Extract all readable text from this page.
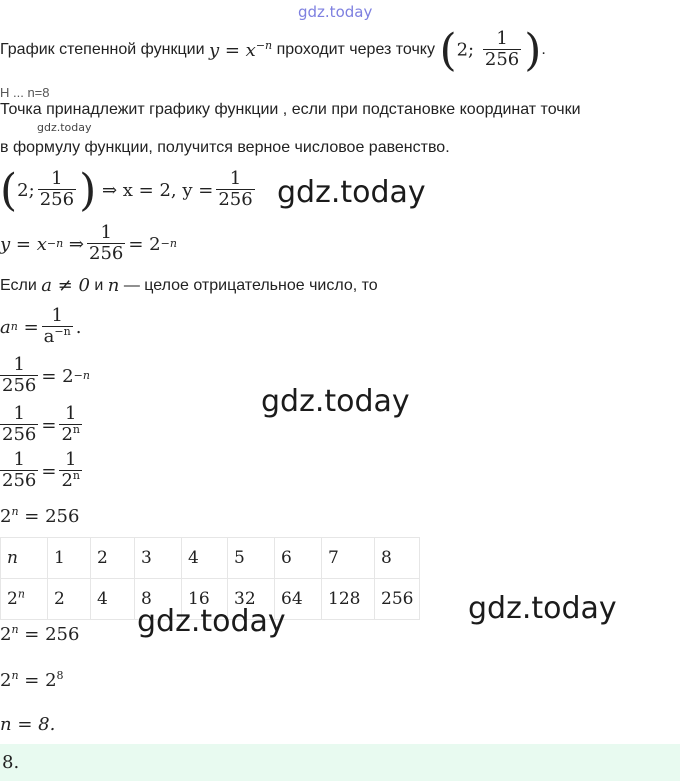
gdz.today
График степенной функции
$y = x^{-n}$
проходит через точку
(2; $\frac{1}{256}$ ) .
Н ... n=8
Точка принадлежит графику функции , если при подстановке координат точки
gdz.today
в формулу функции, получится верное числовое равенство.
( 2; $\frac{1}{256}$ )
⇒ x = 2, $y = \frac{1}{256}$ gdz.today
y = x −n
⇒ $\frac{1}{256} = 2 -n$
Если
a ≠ 0
и
n
— целое отрицательное число, то
a n
= $\frac{1}{a^{-n}}$ .
$\frac{1}{256} = 2 -n$
gdz.today
$\frac{1}{256} = \frac{1}{2^n}$
$\frac{1}{256} = \frac{1}{2^n}$
$2^n = 256$
n	1	2	3	4	5	6	7	8
2$^n$	2	4	8	16	32	64	128	256 gdz.today
gdz.today
$2^n = 256$
$2^n = 2^8$
n = 8.
8.
